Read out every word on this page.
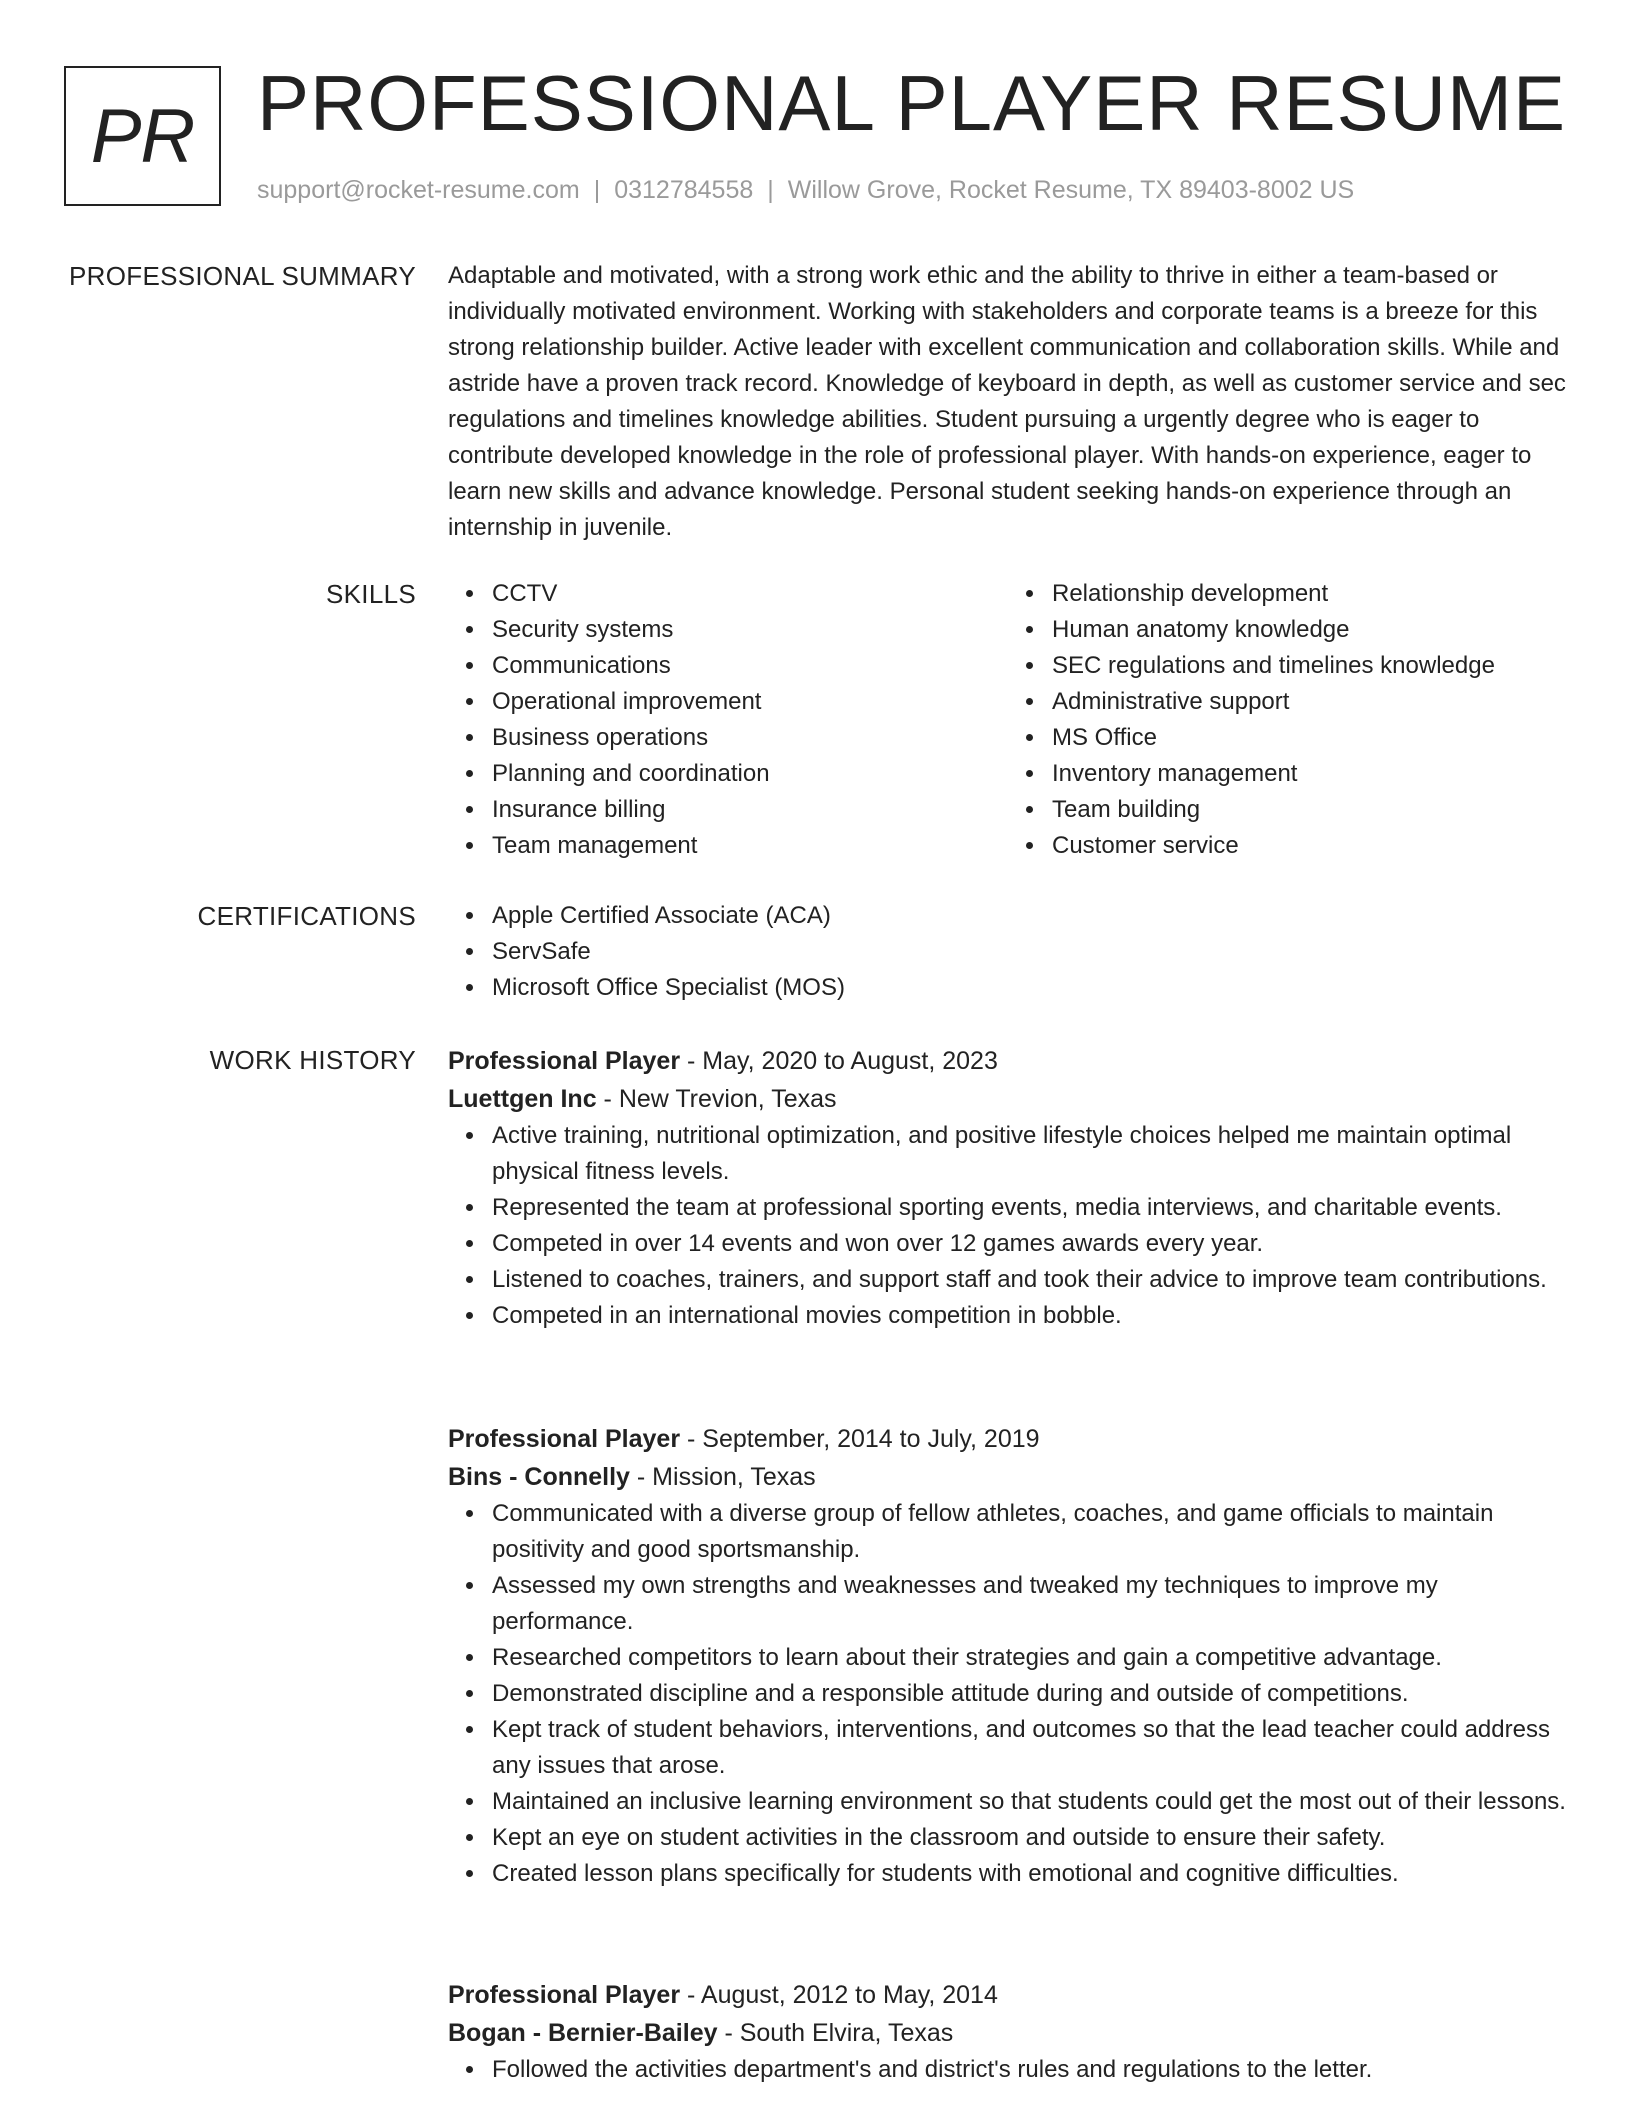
PR PROFESSIONAL PLAYER RESUME
support@rocket-resume.com | 0312784558 | Willow Grove, Rocket Resume, TX 89403-8002 US
PROFESSIONAL SUMMARY Adaptable and motivated, with a strong work ethic and the ability to thrive in either a team-based or individually motivated environment. Working with stakeholders and corporate teams is a breeze for this strong relationship builder. Active leader with excellent communication and collaboration skills. While and astride have a proven track record. Knowledge of keyboard in depth, as well as customer service and sec regulations and timelines knowledge abilities. Student pursuing a urgently degree who is eager to contribute developed knowledge in the role of professional player. With hands-on experience, eager to learn new skills and advance knowledge. Personal student seeking hands-on experience through an internship in juvenile.
SKILLS	CCTV
Security systems
Communications
Operational improvement
Business operations
Planning and coordination
Insurance billing
Team management
Relationship development
Human anatomy knowledge
SEC regulations and timelines knowledge
Administrative support
MS Office
Inventory management
Team building
Customer service
CERTIFICATIONS	Apple Certified Associate (ACA)
ServSafe
Microsoft Office Specialist (MOS)
WORK HISTORY Professional Player - May, 2020 to August, 2023
Luettgen Inc - New Trevion, Texas
Active training, nutritional optimization, and positive lifestyle choices helped me maintain optimal physical fitness levels.
Represented the team at professional sporting events, media interviews, and charitable events.
Competed in over 14 events and won over 12 games awards every year.
Listened to coaches, trainers, and support staff and took their advice to improve team contributions.
Competed in an international movies competition in bobble.
Professional Player - September, 2014 to July, 2019
Bins - Connelly - Mission, Texas
Communicated with a diverse group of fellow athletes, coaches, and game officials to maintain positivity and good sportsmanship.
Assessed my own strengths and weaknesses and tweaked my techniques to improve my performance.
Researched competitors to learn about their strategies and gain a competitive advantage.
Demonstrated discipline and a responsible attitude during and outside of competitions.
Kept track of student behaviors, interventions, and outcomes so that the lead teacher could address any issues that arose.
Maintained an inclusive learning environment so that students could get the most out of their lessons.
Kept an eye on student activities in the classroom and outside to ensure their safety.
Created lesson plans specifically for students with emotional and cognitive difficulties.
Professional Player - August, 2012 to May, 2014
Bogan - Bernier-Bailey - South Elvira, Texas
Followed the activities department's and district's rules and regulations to the letter.
